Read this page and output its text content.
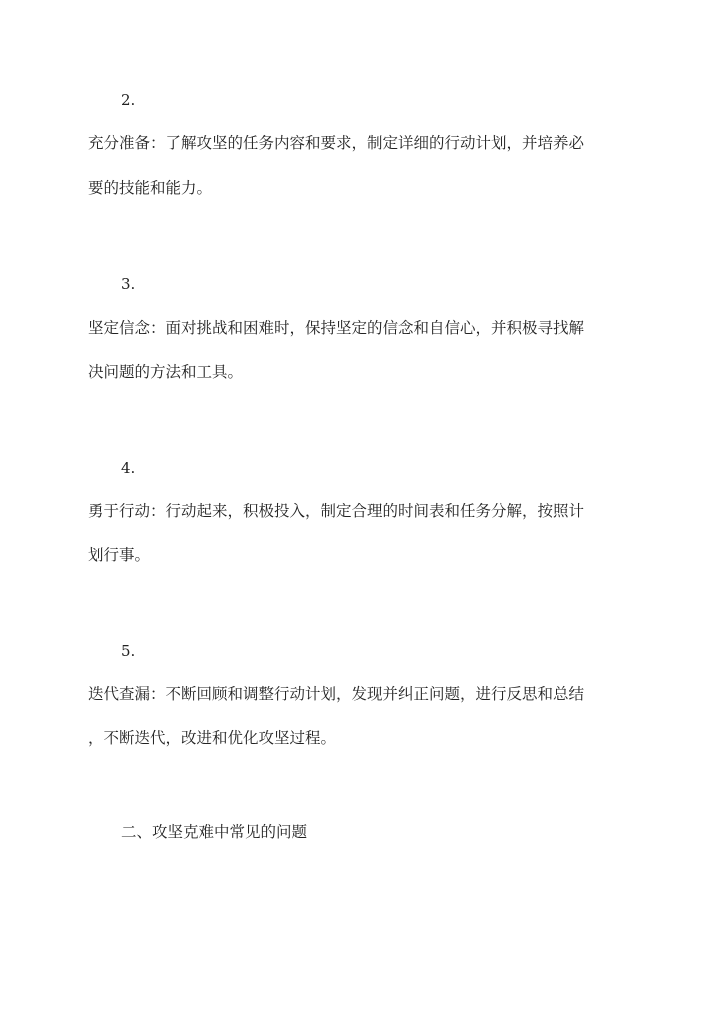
2.
充分准备：了解攻坚的任务内容和要求，制定详细的行动计划，并培养必
要的技能和能力。
3.
坚定信念：面对挑战和困难时，保持坚定的信念和自信心，并积极寻找解
决问题的方法和工具。
4.
勇于行动：行动起来，积极投入，制定合理的时间表和任务分解，按照计
划行事。
5.
迭代查漏：不断回顾和调整行动计划，发现并纠正问题，进行反思和总结
，不断迭代，改进和优化攻坚过程。
二、攻坚克难中常见的问题
